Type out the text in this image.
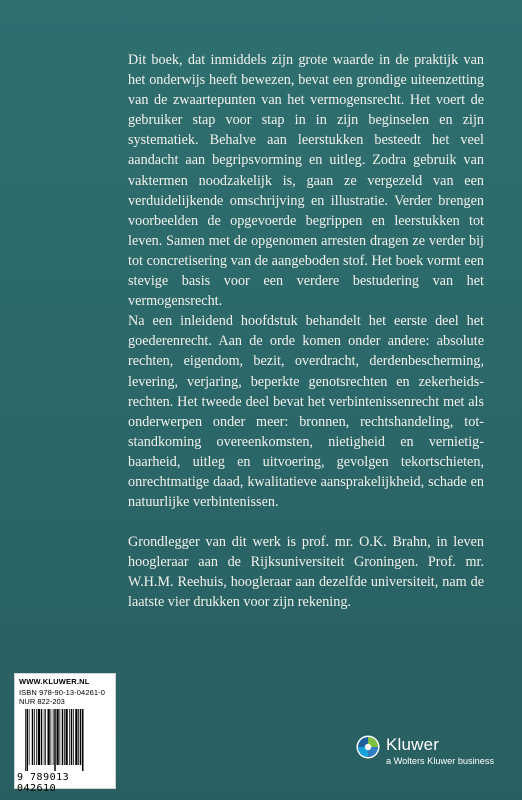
Dit boek, dat inmiddels zijn grote waarde in de praktijk van het onderwijs heeft bewezen, bevat een grondige uiteenzetting van de zwaartepunten van het vermogensrecht. Het voert de gebruiker stap voor stap in in zijn beginselen en zijn systematiek. Behalve aan leerstukken besteedt het veel aandacht aan begripsvorming en uitleg. Zodra gebruik van vaktermen noodzakelijk is, gaan ze vergezeld van een verduidelijkende omschrijving en illustratie. Verder brengen voorbeelden de opgevoerde begrippen en leerstukken tot leven. Samen met de opgenomen arresten dragen ze verder bij tot concretisering van de aangeboden stof. Het boek vormt een stevige basis voor een verdere bestudering van het vermogensrecht.

Na een inleidend hoofdstuk behandelt het eerste deel het goederenrecht. Aan de orde komen onder andere: absolute rechten, eigendom, bezit, overdracht, derdenbescherming, levering, verjaring, beperkte genotsrechten en zekerheids-rechten. Het tweede deel bevat het verbintenissenrecht met als onderwerpen onder meer: bronnen, rechtshandeling, tot-standkoming overeenkomsten, nietigheid en vernietig-baarheid, uitleg en uitvoering, gevolgen tekortschieten, onrechtmatige daad, kwalitatieve aansprakelijkheid, schade en natuurlijke verbintenissen.

Grondlegger van dit werk is prof. mr. O.K. Brahn, in leven hoogleraar aan de Rijksuniversiteit Groningen. Prof. mr. W.H.M. Reehuis, hoogleraar aan dezelfde universiteit, nam de laatste vier drukken voor zijn rekening.

WWW.KLUWER.NL
ISBN 978-90-13-04261-0
NUR 822-203
9 789013 042610
Kluwer
a Wolters Kluwer business
